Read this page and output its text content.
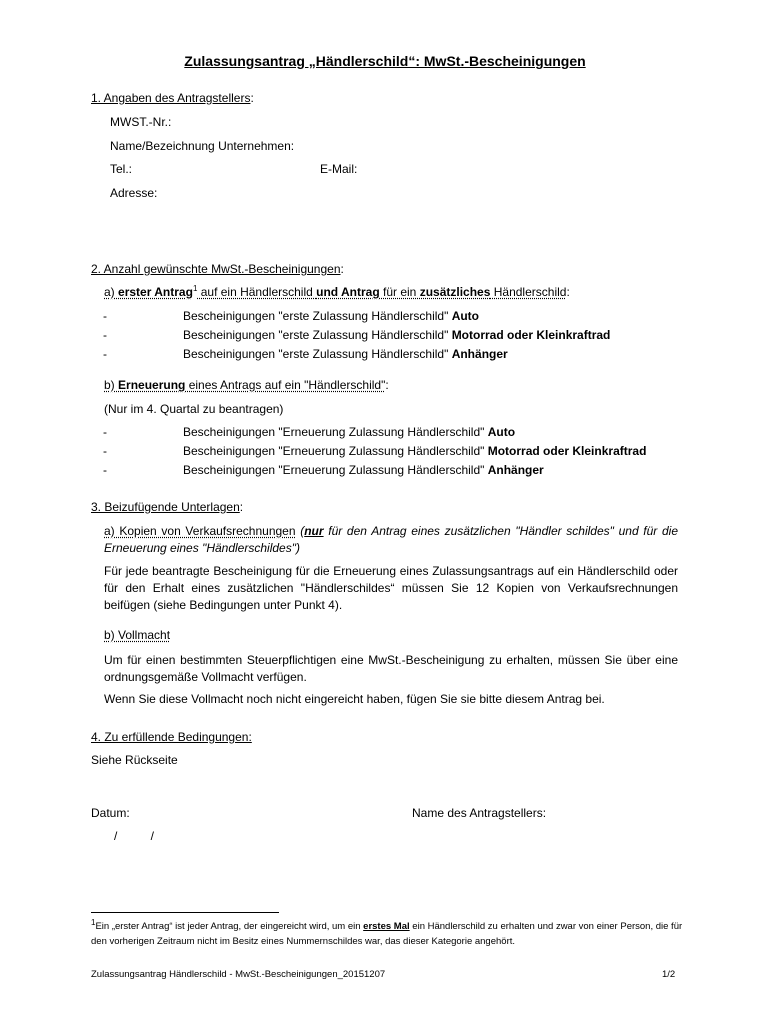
Zulassungsantrag „Händlerschild“: MwSt.-Bescheinigungen
1. Angaben des Antragstellers:
MWST.-Nr.:
Name/Bezeichnung Unternehmen:
Tel.:	E-Mail:
Adresse:
2. Anzahl gewünschte MwSt.-Bescheinigungen:
a) erster Antrag$^1$ auf ein Händlerschild und Antrag für ein zusätzliches Händlerschild:
-	Bescheinigungen "erste Zulassung Händlerschild" Auto
-	Bescheinigungen "erste Zulassung Händlerschild" Motorrad oder Kleinkraftrad
-	Bescheinigungen "erste Zulassung Händlerschild" Anhänger
b) Erneuerung eines Antrags auf ein "Händlerschild":
(Nur im 4. Quartal zu beantragen)
-	Bescheinigungen "Erneuerung Zulassung Händlerschild" Auto
-	Bescheinigungen "Erneuerung Zulassung Händlerschild" Motorrad oder Kleinkraftrad
-	Bescheinigungen "Erneuerung Zulassung Händlerschild" Anhänger
3. Beizufügende Unterlagen:
a) Kopien von Verkaufsrechnungen (nur für den Antrag eines zusätzlichen "Händler schildes" und für die Erneuerung eines "Händlerschildes")
Für jede beantragte Bescheinigung für die Erneuerung eines Zulassungsantrags auf ein Händlerschild oder für den Erhalt eines zusätzlichen "Händlerschildes“ müssen Sie 12 Kopien von Verkaufsrechnungen beifügen (siehe Bedingungen unter Punkt 4).
b) Vollmacht
Um für einen bestimmten Steuerpflichtigen eine MwSt.-Bescheinigung zu erhalten, müssen Sie über eine ordnungsgemäße Vollmacht verfügen.
Wenn Sie diese Vollmacht noch nicht eingereicht haben, fügen Sie sie bitte diesem Antrag bei.
4. Zu erfüllende Bedingungen:
Siehe Rückseite
Datum:
/          /
Name des Antragstellers:
$^1$Ein „erster Antrag“ ist jeder Antrag, der eingereicht wird, um ein erstes Mal ein Händlerschild zu erhalten und zwar von einer Person, die für den vorherigen Zeitraum nicht im Besitz eines Nummernschildes war, das dieser Kategorie angehört.
Zulassungsantrag Händlerschild - MwSt.-Bescheinigungen_20151207	1/2
